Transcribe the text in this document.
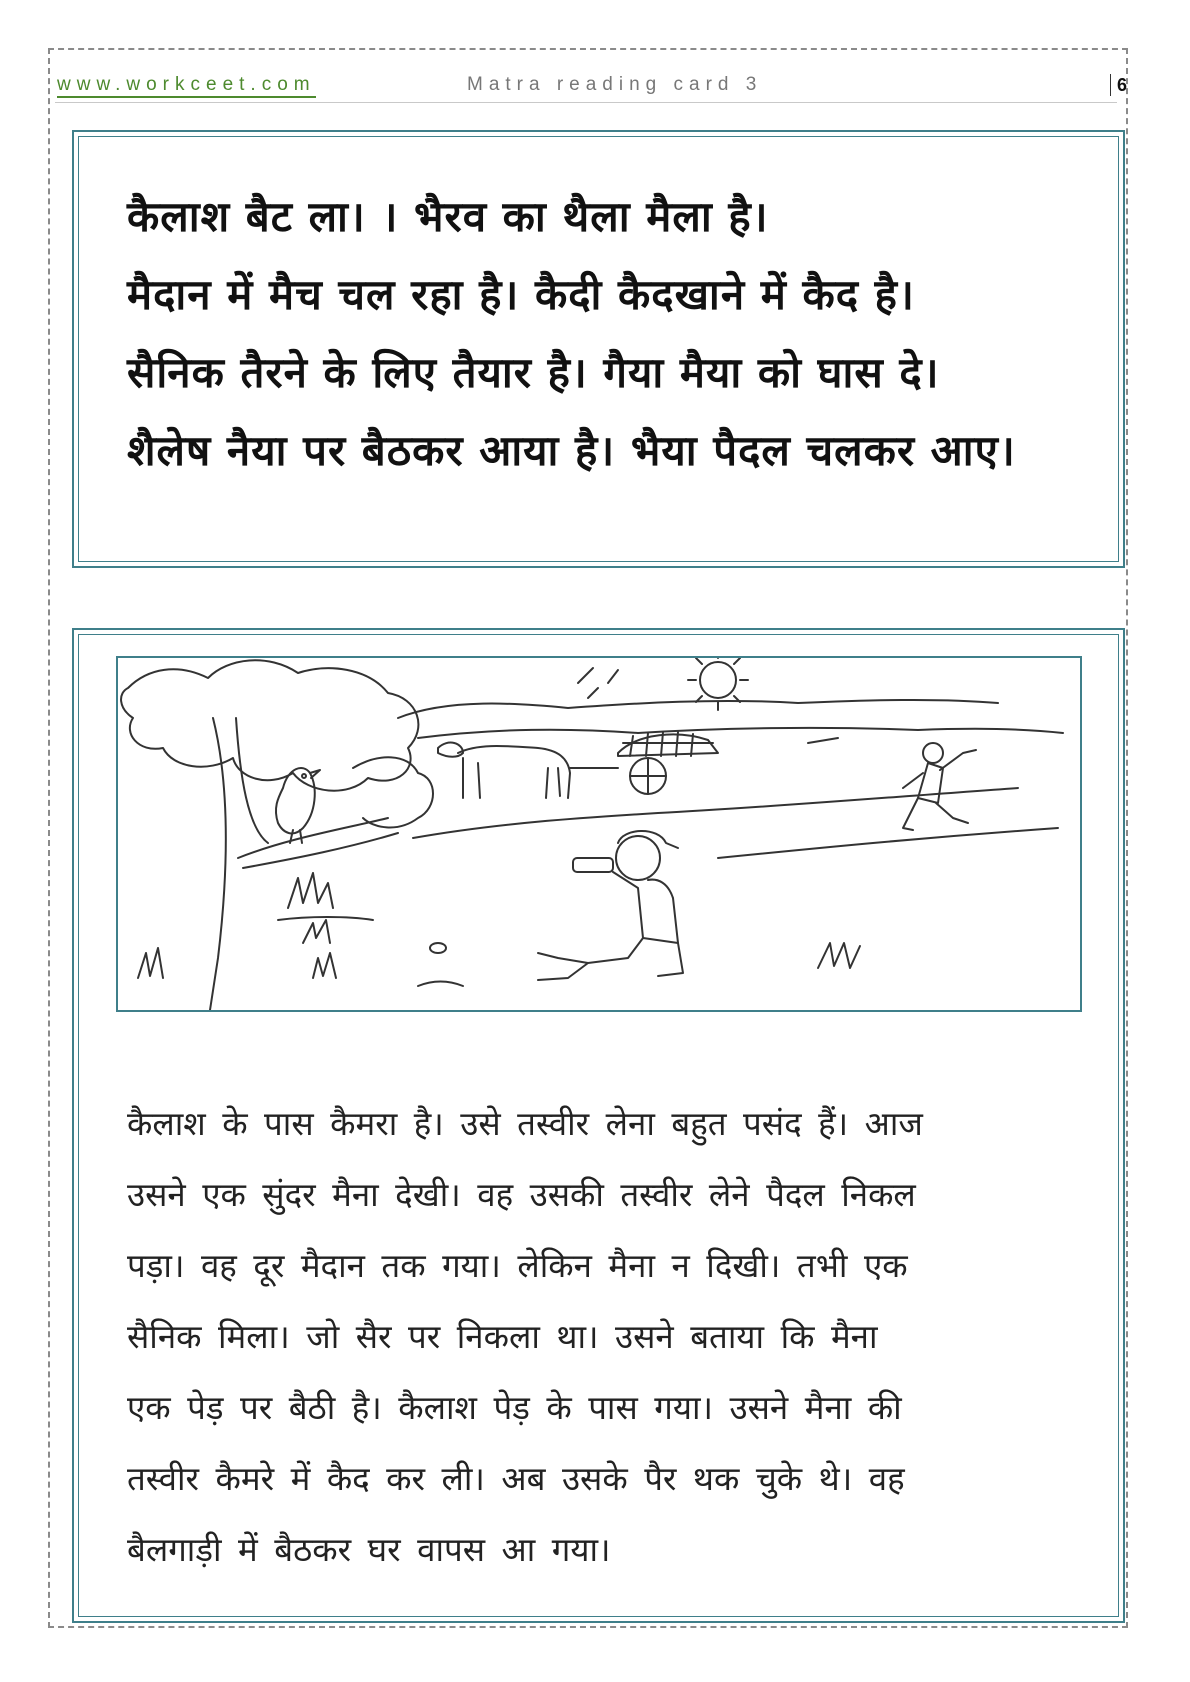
www.workceet.com	Matra reading card 3	6
कैलाश बैट ला। । भैरव का थैला मैला है।
मैदान में मैच चल रहा है। कैदी कैदखाने में कैद है।
सैनिक तैरने के लिए तैयार है। गैया मैया को घास दे।
शैलेष नैया पर बैठकर आया है। भैया पैदल चलकर आए।
कैलाश के पास कैमरा है। उसे तस्वीर लेना बहुत पसंद हैं। आज
उसने एक सुंदर मैना देखी। वह उसकी तस्वीर लेने पैदल निकल
पड़ा। वह दूर मैदान तक गया। लेकिन मैना न दिखी। तभी एक
सैनिक मिला। जो सैर पर निकला था। उसने बताया कि मैना
एक पेड़ पर बैठी है। कैलाश पेड़ के पास गया। उसने मैना की
तस्वीर कैमरे में कैद कर ली। अब उसके पैर थक चुके थे। वह
बैलगाड़ी में बैठकर घर वापस आ गया।
